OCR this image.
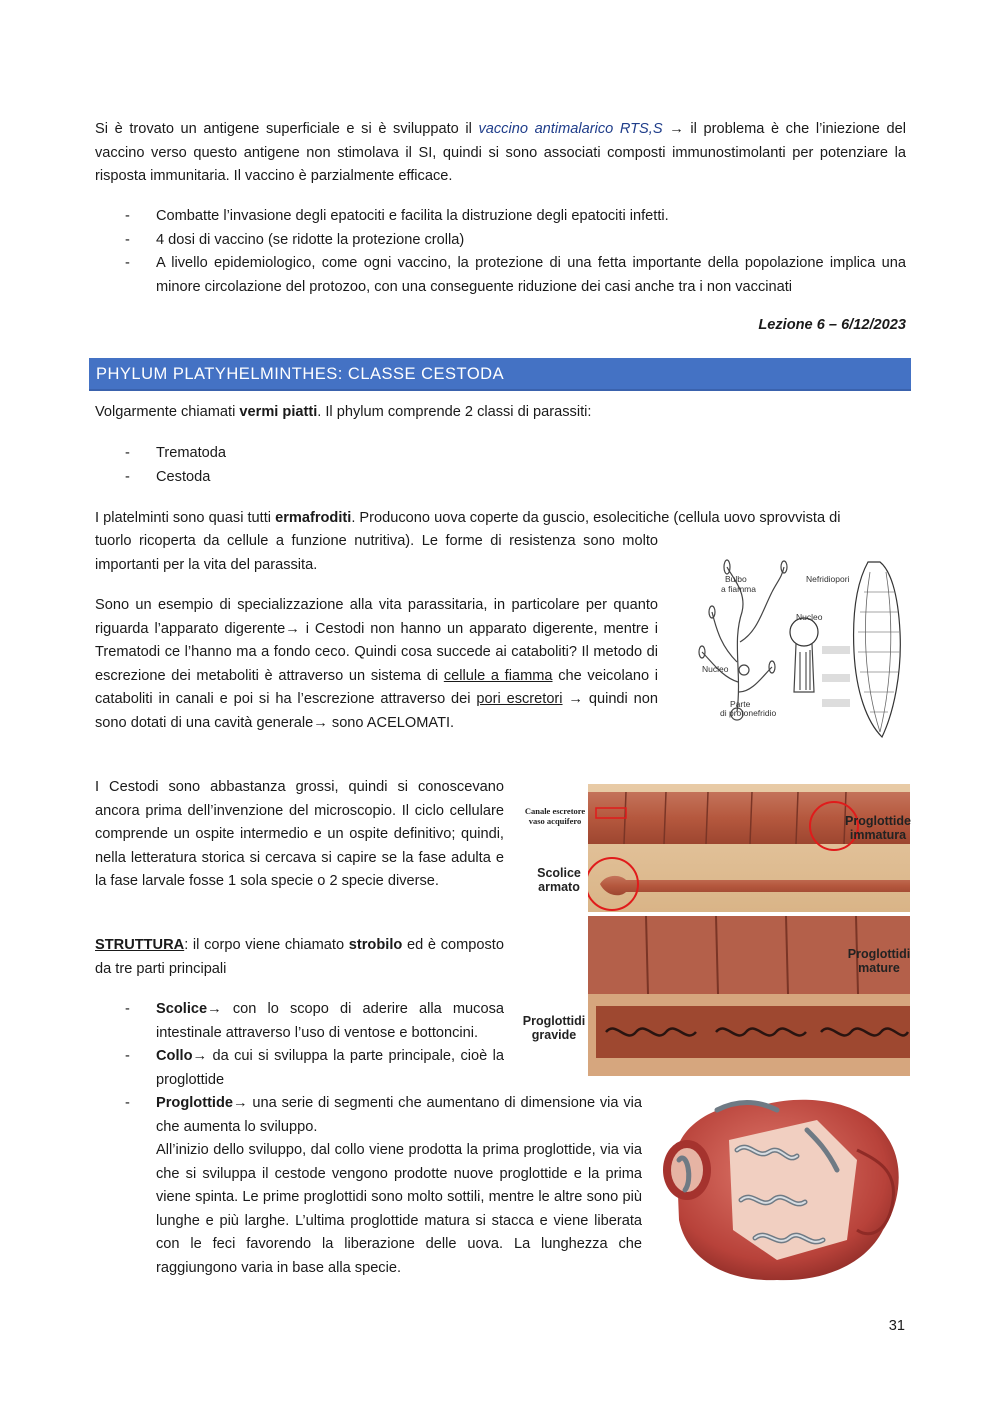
Si è trovato un antigene superficiale e si è sviluppato il vaccino antimalarico RTS,S → il problema è che l’iniezione del vaccino verso questo antigene non stimolava il SI, quindi si sono associati composti immunostimolanti per potenziare la risposta immunitaria. Il vaccino è parzialmente efficace.

- Combatte l’invasione degli epatociti e facilita la distruzione degli epatociti infetti.
- 4 dosi di vaccino (se ridotte la protezione crolla)
- A livello epidemiologico, come ogni vaccino, la protezione di una fetta importante della popolazione implica una minore circolazione del protozoo, con una conseguente riduzione dei casi anche tra i non vaccinati
Lezione 6 – 6/12/2023
PHYLUM PLATYHELMINTHES: CLASSE CESTODA

Volgarmente chiamati vermi piatti. Il phylum comprende 2 classi di parassiti:

- Trematoda
- Cestoda

I platelminti sono quasi tutti ermafroditi. Producono uova coperte da guscio, esolecitiche (cellula uovo sprovvista di

tuorlo ricoperta da cellule a funzione nutritiva). Le forme di resistenza sono molto importanti per la vita del parassita.

Sono un esempio di specializzazione alla vita parassitaria, in particolare per quanto riguarda l’apparato digerente→ i Cestodi non hanno un apparato digerente, mentre i Trematodi ce l’hanno ma a fondo ceco. Quindi cosa succede ai cataboliti? Il metodo di escrezione dei metaboliti è attraverso un sistema di cellule a fiamma che veicolano i cataboliti in canali e poi si ha l’escrezione attraverso dei pori escretori → quindi non sono dotati di una cavità generale→ sono ACELOMATI.

I Cestodi sono abbastanza grossi, quindi si conoscevano ancora prima dell’invenzione del microscopio. Il ciclo cellulare comprende un ospite intermedio e un ospite definitivo; quindi, nella letteratura storica si cercava si capire se la fase adulta e la fase larvale fosse 1 sola specie o 2 specie diverse.

STRUTTURA: il corpo viene chiamato strobilo ed è composto da tre parti principali

- Scolice→ con lo scopo di aderire alla mucosa intestinale attraverso l’uso di ventose e bottoncini.
- Collo→ da cui si sviluppa la parte principale, cioè la proglottide
- Proglottide→ una serie di segmenti che aumentano di dimensione via via che aumenta lo sviluppo.
All’inizio dello sviluppo, dal collo viene prodotta la prima proglottide, via via che si sviluppa il cestode vengono prodotte nuove proglottide e la prima viene spinta. Le prime proglottidi sono molto sottili, mentre le altre sono più lunghe e più larghe. L’ultima proglottide matura si stacca e viene liberata con le feci favorendo la liberazione delle uova. La lunghezza che raggiungono varia in base alla specie.
Bulbo
a fiamma
Nefridiopori
Nucleo
Nucleo
Parte
di protonefridio
Canale escretore vaso acquifero	Proglottide immatura
Scolice armato
Proglottidi mature
Proglottidi gravide
31
